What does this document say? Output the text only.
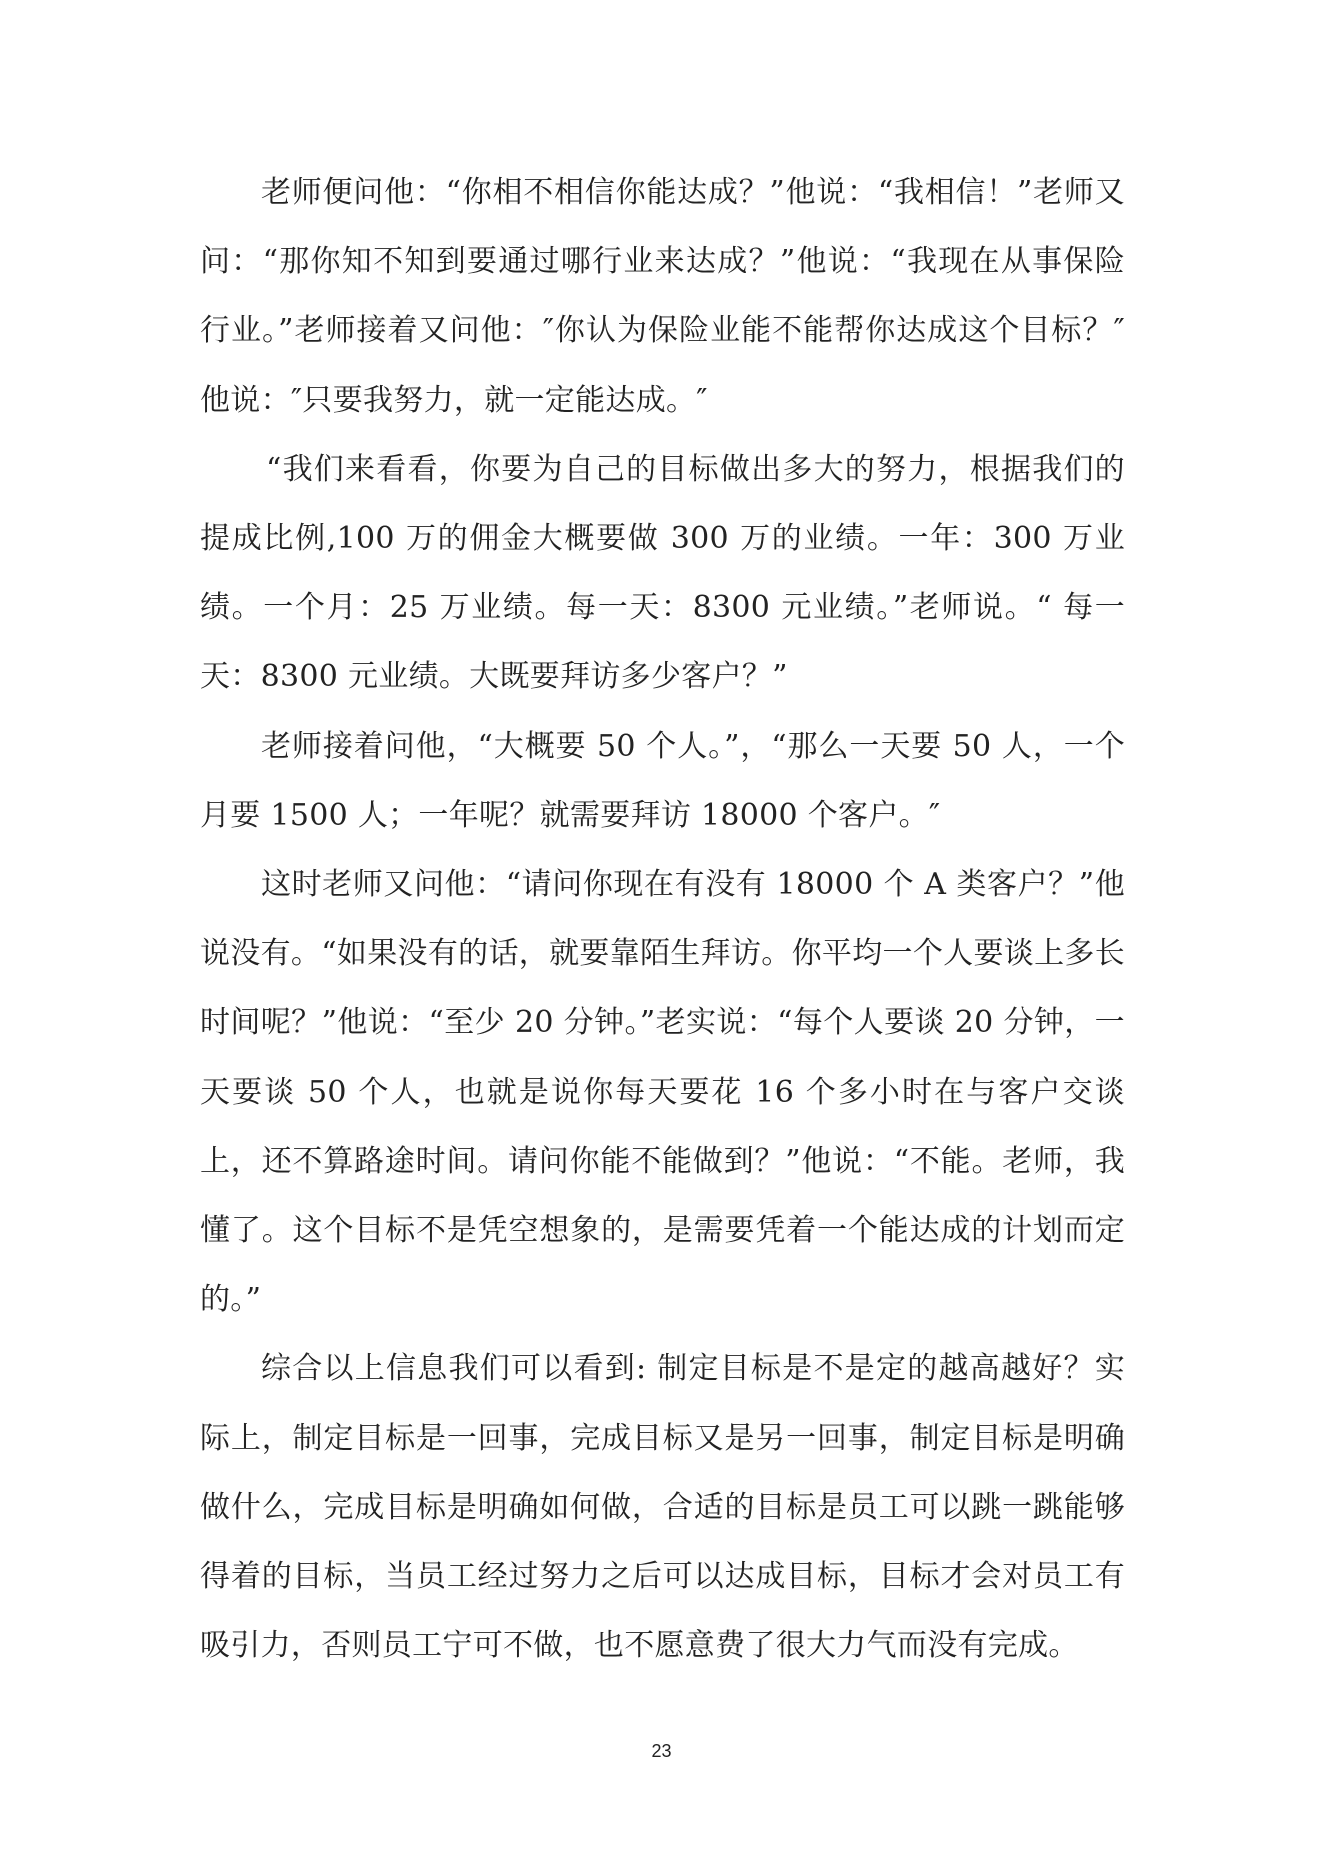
老师便问他：“你相不相信你能达成？”他说：“我相信！”老师又问：“那你知不知到要通过哪行业来达成？”他说：“我现在从事保险行业。”老师接着又问他：″你认为保险业能不能帮你达成这个目标？″他说：″只要我努力，就一定能达成。″

“我们来看看，你要为自己的目标做出多大的努力，根据我们的提成比例,100 万的佣金大概要做 300 万的业绩。一年：300 万业绩。一个月：25 万业绩。每一天：8300 元业绩。”老师说。“ 每一天：8300 元业绩。大既要拜访多少客户？”

老师接着问他，“大概要 50 个人。”，“那么一天要 50 人，一个月要 1500 人；一年呢？就需要拜访 18000 个客户。″

这时老师又问他：“请问你现在有没有 18000 个 A 类客户？”他说没有。“如果没有的话，就要靠陌生拜访。你平均一个人要谈上多长时间呢？”他说：“至少 20 分钟。”老实说：“每个人要谈 20 分钟，一天要谈 50 个人，也就是说你每天要花 16 个多小时在与客户交谈上，还不算路途时间。请问你能不能做到？”他说：“不能。老师，我懂了。这个目标不是凭空想象的，是需要凭着一个能达成的计划而定的。”

综合以上信息我们可以看到: 制定目标是不是定的越高越好？实际上，制定目标是一回事，完成目标又是另一回事，制定目标是明确做什么，完成目标是明确如何做，合适的目标是员工可以跳一跳能够得着的目标，当员工经过努力之后可以达成目标，目标才会对员工有吸引力，否则员工宁可不做，也不愿意费了很大力气而没有完成。

23
